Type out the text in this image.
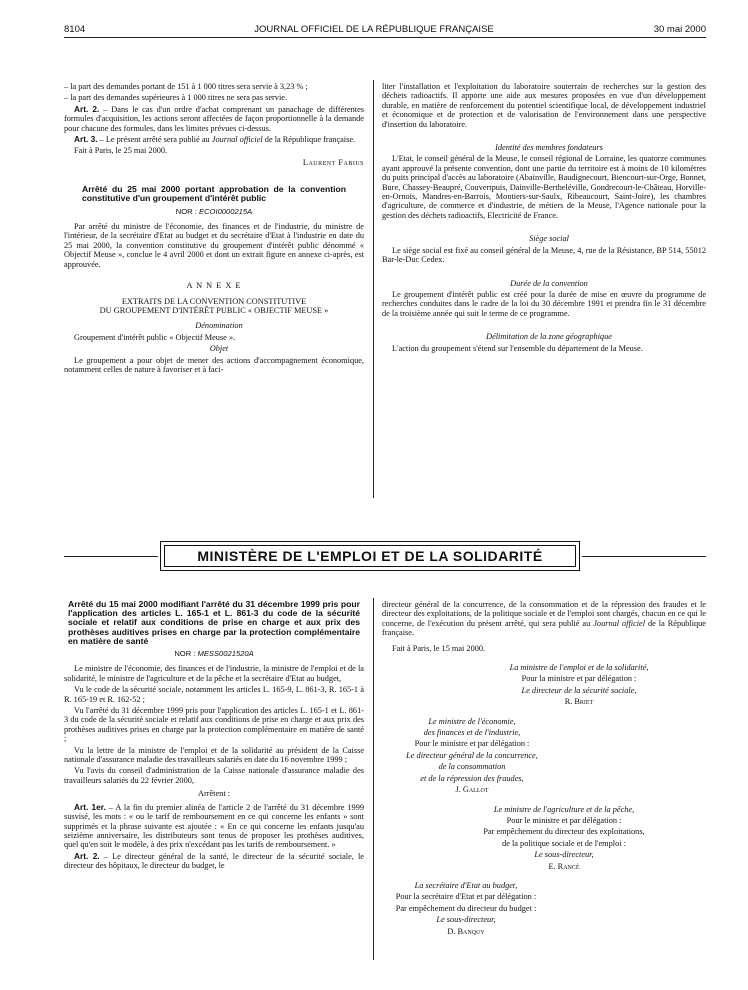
8104	JOURNAL OFFICIEL DE LA RÉPUBLIQUE FRANÇAISE	30 mai 2000

– la part des demandes portant de 151 à 1 000 titres sera servie à 3,23 % ;

– la part des demandes supérieures à 1 000 titres ne sera pas servie.

Art. 2. – Dans le cas d'un ordre d'achat comprenant un panachage de différentes formules d'acquisition, les actions seront affectées de façon proportionnelle à la demande pour chacune des formules, dans les limites prévues ci-dessus.

Art. 3. – Le présent arrêté sera publié au Journal officiel de la République française.

Fait à Paris, le 25 mai 2000.

Laurent Fabius

Arrêté du 25 mai 2000 portant approbation de la convention constitutive d'un groupement d'intérêt public
NOR : ECOI0000215A

Par arrêté du ministre de l'économie, des finances et de l'industrie, du ministre de l'intérieur, de la secrétaire d'Etat au budget et du secrétaire d'Etat à l'industrie en date du 25 mai 2000, la convention constitutive du groupement d'intérêt public dénommé « Objectif Meuse », conclue le 4 avril 2000 et dont un extrait figure en annexe ci-après, est approuvée.

A N N E X E

EXTRAITS DE LA CONVENTION CONSTITUTIVE

DU GROUPEMENT D'INTÉRÊT PUBLIC « OBJECTIF MEUSE »

Dénomination

Groupement d'intérêt public « Objectif Meuse ».

Objet

Le groupement a pour objet de mener des actions d'accompagnement économique, notamment celles de nature à favoriser et à faci-

liter l'installation et l'exploitation du laboratoire souterrain de recherches sur la gestion des déchets radioactifs. Il apporte une aide aux mesures proposées en vue d'un développement durable, en matière de renforcement du potentiel scientifique local, de développement industriel et économique et de protection et de valorisation de l'environnement dans une perspective d'insertion du laboratoire.

Identité des membres fondateurs

L'Etat, le conseil général de la Meuse, le conseil régional de Lorraine, les quatorze communes ayant approuvé la présente convention, dont une partie du territoire est à moins de 10 kilomètres du puits principal d'accès au laboratoire (Abainville, Baudignecourt, Biencourt-sur-Orge, Bonnet, Bure, Chassey-Beaupré, Couvertpuis, Dainville-Bertheléville, Gondrecourt-le-Château, Horville-en-Ornois, Mandres-en-Barrois, Montiers-sur-Saulx, Ribeaucourt, Saint-Joire), les chambres d'agriculture, de commerce et d'industrie, de métiers de la Meuse, l'Agence nationale pour la gestion des déchets radioactifs, Electricité de France.

Siège social

Le siège social est fixé au conseil général de la Meuse, 4, rue de la Résistance, BP 514, 55012 Bar-le-Duc Cedex.

Durée de la convention

Le groupement d'intérêt public est créé pour la durée de mise en œuvre du programme de recherches conduites dans le cadre de la loi du 30 décembre 1991 et prendra fin le 31 décembre de la troisième année qui suit le terme de ce programme.

Délimitation de la zone géographique

L'action du groupement s'étend sur l'ensemble du département de la Meuse.

MINISTÈRE DE L'EMPLOI ET DE LA SOLIDARITÉ
Arrêté du 15 mai 2000 modifiant l'arrêté du 31 décembre 1999 pris pour l'application des articles L. 165-1 et L. 861-3 du code de la sécurité sociale et relatif aux conditions de prise en charge et aux prix des prothèses auditives prises en charge par la protection complémentaire en matière de santé
NOR : MESS0021520A

Le ministre de l'économie, des finances et de l'industrie, la ministre de l'emploi et de la solidarité, le ministre de l'agriculture et de la pêche et la secrétaire d'Etat au budget,

Vu le code de la sécurité sociale, notamment les articles L. 165-9, L. 861-3, R. 165-1 à R. 165-19 et R. 162-52 ;

Vu l'arrêté du 31 décembre 1999 pris pour l'application des articles L. 165-1 et L. 861-3 du code de la sécurité sociale et relatif aux conditions de prise en charge et aux prix des prothèses auditives prises en charge par la protection complémentaire en matière de santé ;

Vu la lettre de la ministre de l'emploi et de la solidarité au président de la Caisse nationale d'assurance maladie des travailleurs salariés en date du 16 novembre 1999 ;

Vu l'avis du conseil d'administration de la Caisse nationale d'assurance maladie des travailleurs salariés du 22 février 2000,

Arrêtent :

Art. 1er. – A la fin du premier alinéa de l'article 2 de l'arrêté du 31 décembre 1999 susvisé, les mots : « ou le tarif de remboursement en ce qui concerne les enfants » sont supprimés et la phrase suivante est ajoutée : « En ce qui concerne les enfants jusqu'au seizième anniversaire, les distributeurs sont tenus de proposer les prothèses auditives, quel qu'en soit le modèle, à des prix n'excédant pas les tarifs de remboursement. »

Art. 2. – Le directeur général de la santé, le directeur de la sécurité sociale, le directeur des hôpitaux, le directeur du budget, le

directeur général de la concurrence, de la consommation et de la répression des fraudes et le directeur des exploitations, de la politique sociale et de l'emploi sont chargés, chacun en ce qui le concerne, de l'exécution du présent arrêté, qui sera publié au Journal officiel de la République française.

Fait à Paris, le 15 mai 2000.

La ministre de l'emploi et de la solidarité,

Pour la ministre et par délégation :

Le directeur de la sécurité sociale,

R. Briet

Le ministre de l'économie,

des finances et de l'industrie,

Pour le ministre et par délégation :

Le directeur général de la concurrence,

de la consommation

et de la répression des fraudes,

J. Gallot

Le ministre de l'agriculture et de la pêche,

Pour le ministre et par délégation :

Par empêchement du directeur des exploitations,

de la politique sociale et de l'emploi :

Le sous-directeur,

E. Rancé

La secrétaire d'Etat au budget,

Pour la secrétaire d'Etat et par délégation :

Par empêchement du directeur du budget :

Le sous-directeur,

D. Banquy
